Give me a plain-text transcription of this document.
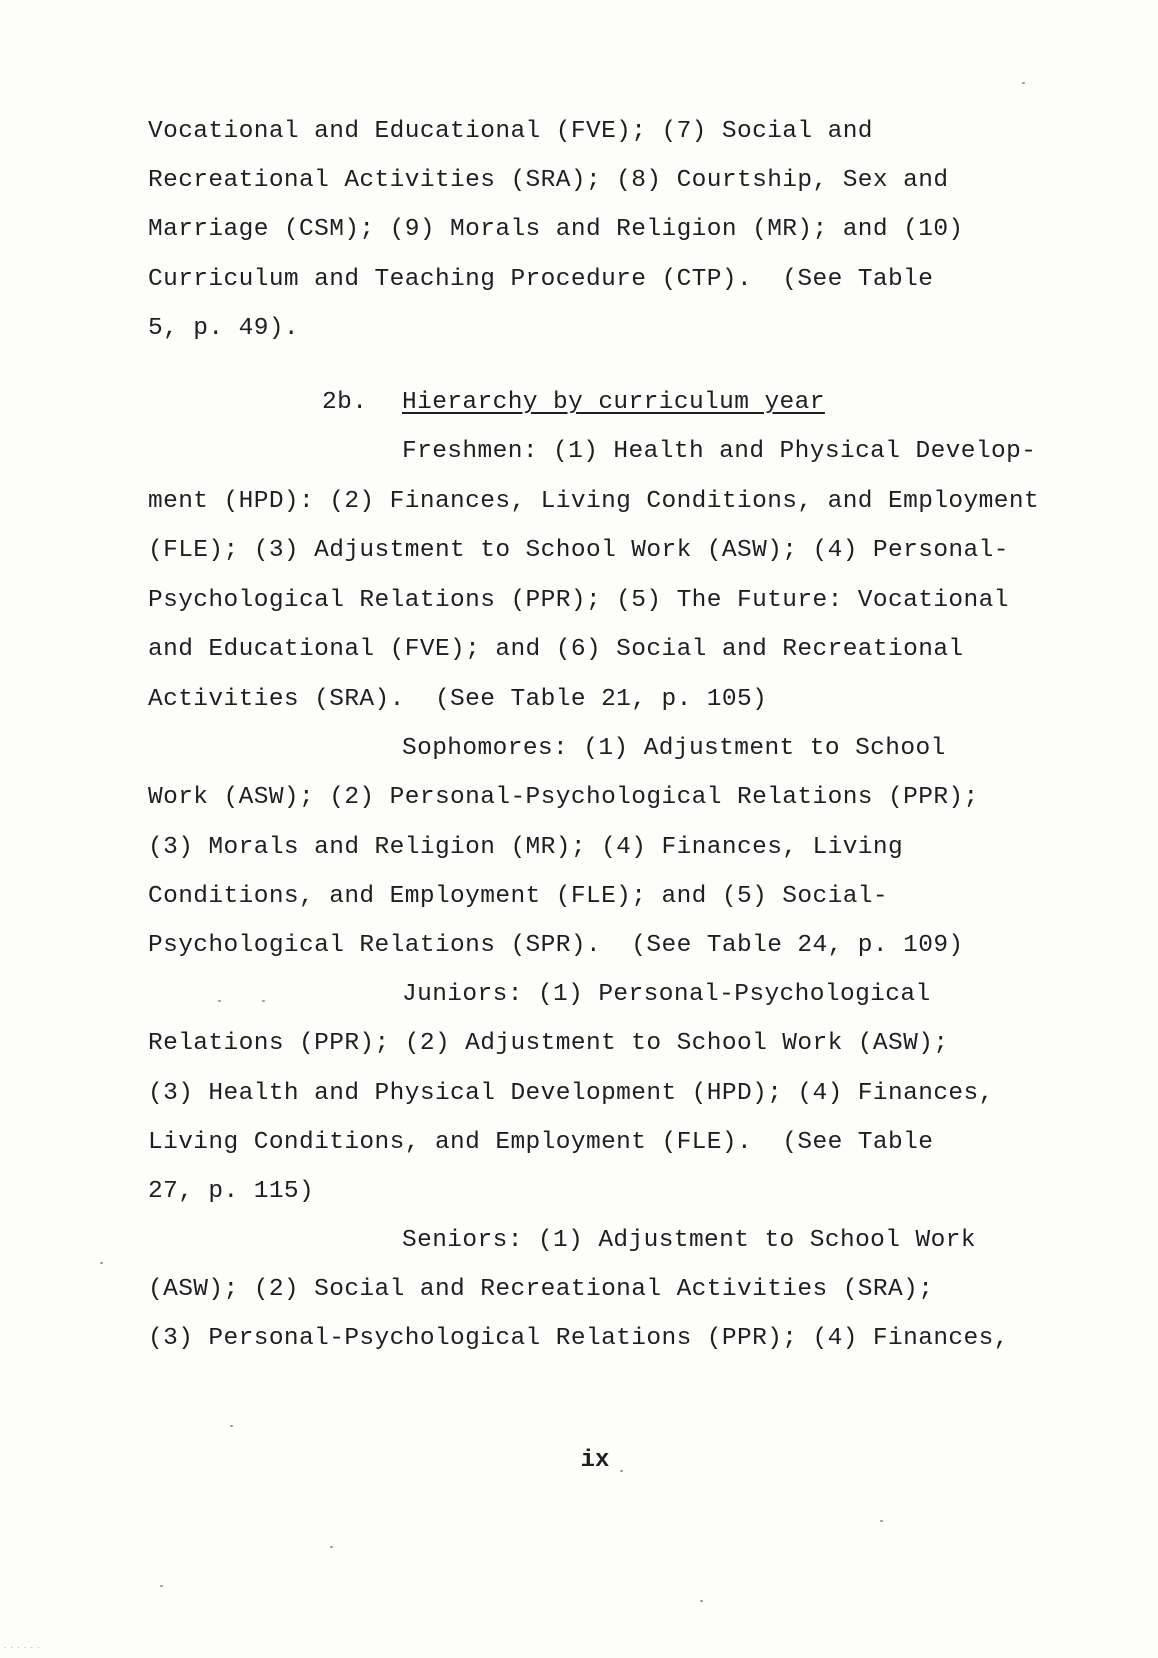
Vocational and Educational (FVE); (7) Social and
Recreational Activities (SRA); (8) Courtship, Sex and
Marriage (CSM); (9) Morals and Religion (MR); and (10)
Curriculum and Teaching Procedure (CTP).  (See Table
5, p. 49).
2b. Hierarchy by curriculum year
Freshmen: (1) Health and Physical Develop-
ment (HPD): (2) Finances, Living Conditions, and Employment
(FLE); (3) Adjustment to School Work (ASW); (4) Personal-
Psychological Relations (PPR); (5) The Future: Vocational
and Educational (FVE); and (6) Social and Recreational
Activities (SRA).  (See Table 21, p. 105)
Sophomores: (1) Adjustment to School
Work (ASW); (2) Personal-Psychological Relations (PPR);
(3) Morals and Religion (MR); (4) Finances, Living
Conditions, and Employment (FLE); and (5) Social-
Psychological Relations (SPR).  (See Table 24, p. 109)
Juniors: (1) Personal-Psychological
Relations (PPR); (2) Adjustment to School Work (ASW);
(3) Health and Physical Development (HPD); (4) Finances,
Living Conditions, and Employment (FLE).  (See Table
27, p. 115)
Seniors: (1) Adjustment to School Work
(ASW); (2) Social and Recreational Activities (SRA);
(3) Personal-Psychological Relations (PPR); (4) Finances,
ix
·  ·  ·  ·  ·  ·
